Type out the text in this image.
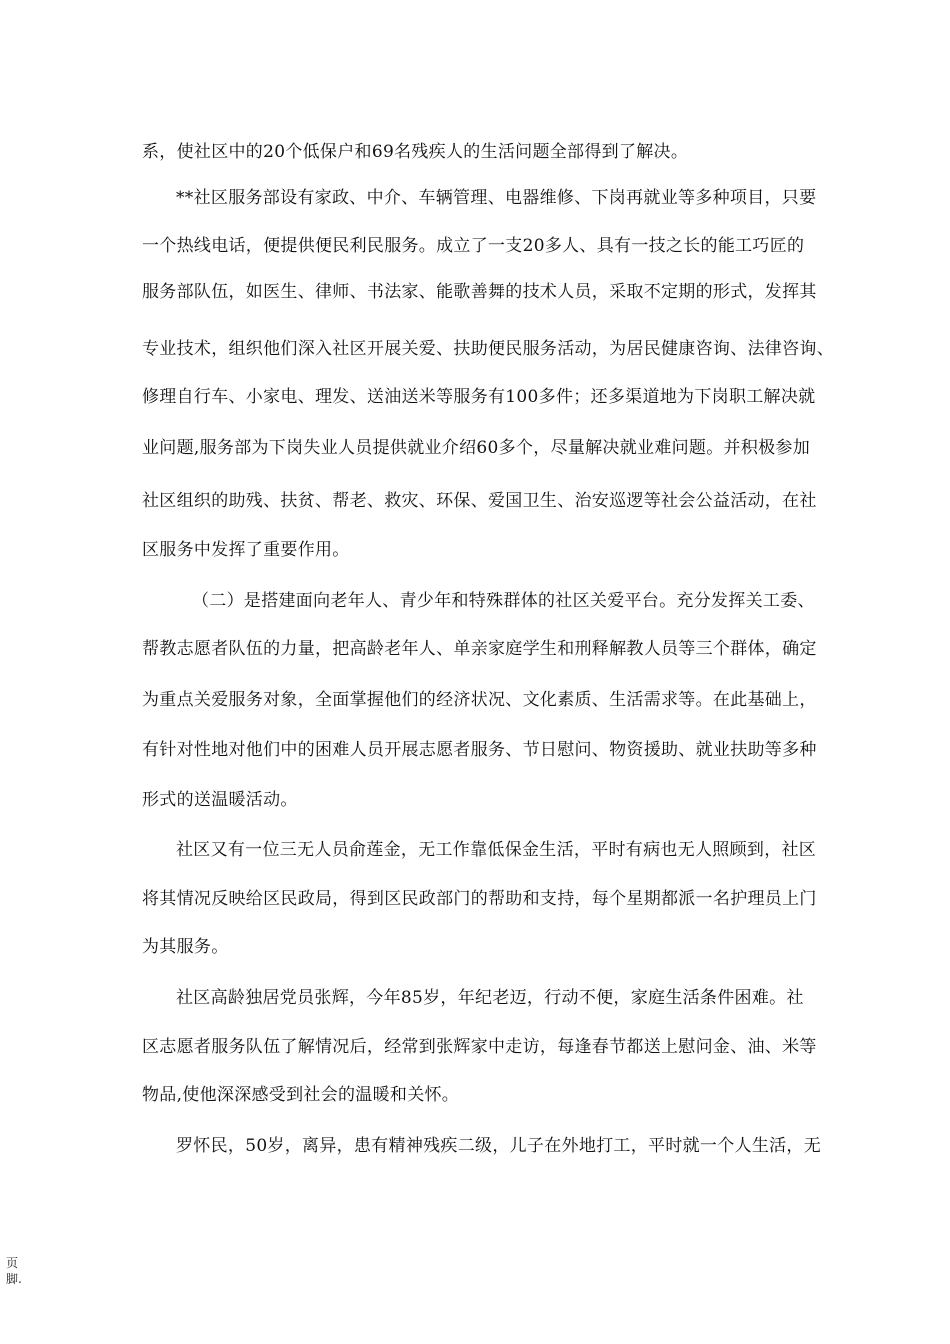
系，使社区中的20个低保户和69名残疾人的生活问题全部得到了解决。
**社区服务部设有家政、中介、车辆管理、电器维修、下岗再就业等多种项目，只要
一个热线电话，便提供便民利民服务。成立了一支20多人、具有一技之长的能工巧匠的
服务部队伍，如医生、律师、书法家、能歌善舞的技术人员，采取不定期的形式，发挥其
专业技术，组织他们深入社区开展关爱、扶助便民服务活动，为居民健康咨询、法律咨询、
修理自行车、小家电、理发、送油送米等服务有100多件；还多渠道地为下岗职工解决就
业问题,服务部为下岗失业人员提供就业介绍60多个，尽量解决就业难问题。并积极参加
社区组织的助残、扶贫、帮老、救灾、环保、爱国卫生、治安巡逻等社会公益活动，在社
区服务中发挥了重要作用。
（二）是搭建面向老年人、青少年和特殊群体的社区关爱平台。充分发挥关工委、
帮教志愿者队伍的力量，把高龄老年人、单亲家庭学生和刑释解教人员等三个群体，确定
为重点关爱服务对象，全面掌握他们的经济状况、文化素质、生活需求等。在此基础上，
有针对性地对他们中的困难人员开展志愿者服务、节日慰问、物资援助、就业扶助等多种
形式的送温暖活动。
社区又有一位三无人员俞莲金，无工作靠低保金生活，平时有病也无人照顾到，社区
将其情况反映给区民政局，得到区民政部门的帮助和支持，每个星期都派一名护理员上门
为其服务。
社区高龄独居党员张辉，今年85岁，年纪老迈，行动不便，家庭生活条件困难。社
区志愿者服务队伍了解情况后，经常到张辉家中走访，每逢春节都送上慰问金、油、米等
物品,使他深深感受到社会的温暖和关怀。
罗怀民，50岁，离异，患有精神残疾二级，儿子在外地打工，平时就一个人生活，无
页
脚.
